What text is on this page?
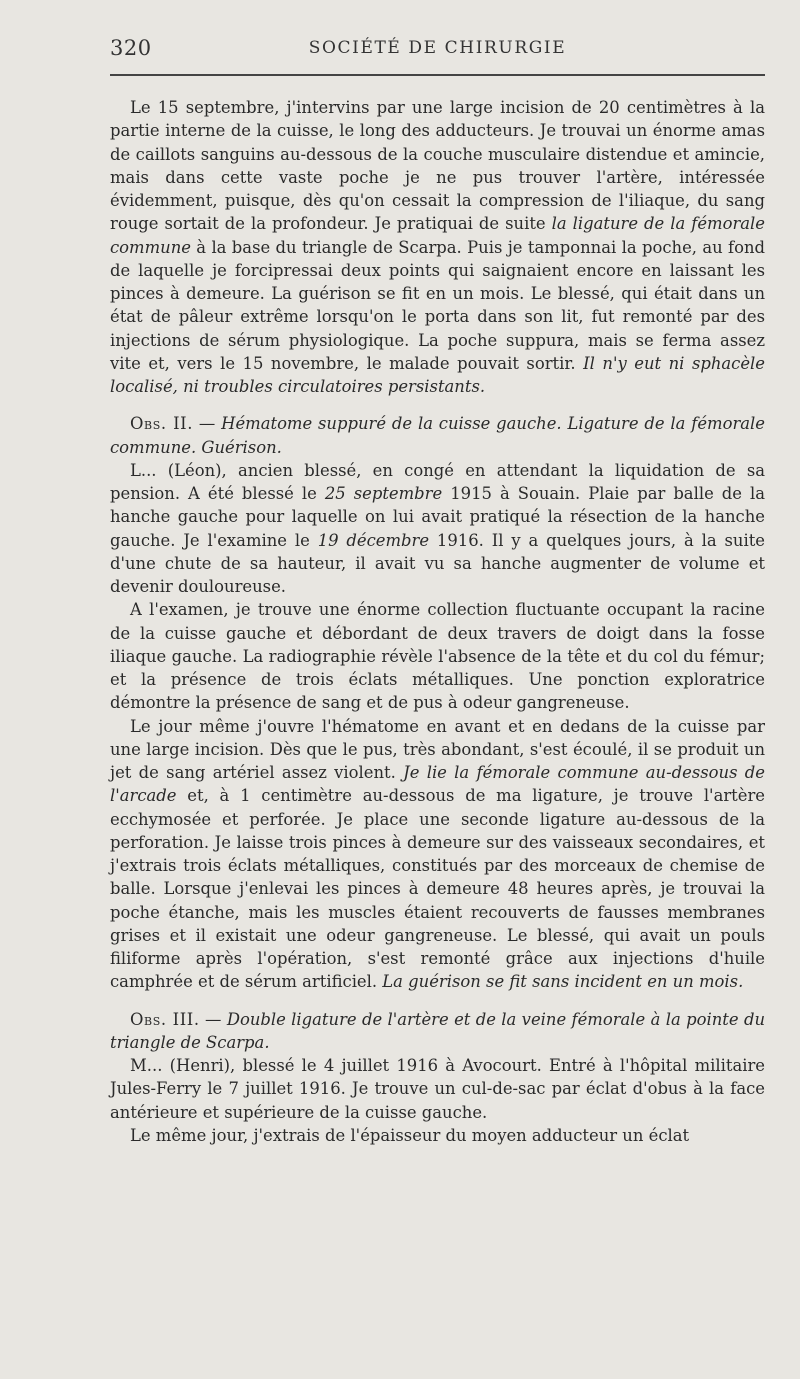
320	SOCIÉTÉ DE CHIRURGIE

Le 15 septembre, j'intervins par une large incision de 20 centimètres à la partie interne de la cuisse, le long des adducteurs. Je trouvai un énorme amas de caillots sanguins au-dessous de la couche musculaire distendue et amincie, mais dans cette vaste poche je ne pus trouver l'artère, intéressée évidemment, puisque, dès qu'on cessait la compression de l'iliaque, du sang rouge sortait de la profondeur. Je pratiquai de suite la ligature de la fémorale commune à la base du triangle de Scarpa. Puis je tamponnai la poche, au fond de laquelle je forcipressai deux points qui saignaient encore en laissant les pinces à demeure. La guérison se fit en un mois. Le blessé, qui était dans un état de pâleur extrême lorsqu'on le porta dans son lit, fut remonté par des injections de sérum physiologique. La poche suppura, mais se ferma assez vite et, vers le 15 novembre, le malade pouvait sortir. Il n'y eut ni sphacèle localisé, ni troubles circulatoires persistants.

Obs. II. — Hématome suppuré de la cuisse gauche. Ligature de la fémorale commune. Guérison.

L... (Léon), ancien blessé, en congé en attendant la liquidation de sa pension. A été blessé le 25 septembre 1915 à Souain. Plaie par balle de la hanche gauche pour laquelle on lui avait pratiqué la résection de la hanche gauche. Je l'examine le 19 décembre 1916. Il y a quelques jours, à la suite d'une chute de sa hauteur, il avait vu sa hanche augmenter de volume et devenir douloureuse.

A l'examen, je trouve une énorme collection fluctuante occupant la racine de la cuisse gauche et débordant de deux travers de doigt dans la fosse iliaque gauche. La radiographie révèle l'absence de la tête et du col du fémur; et la présence de trois éclats métalliques. Une ponction exploratrice démontre la présence de sang et de pus à odeur gangreneuse.

Le jour même j'ouvre l'hématome en avant et en dedans de la cuisse par une large incision. Dès que le pus, très abondant, s'est écoulé, il se produit un jet de sang artériel assez violent. Je lie la fémorale commune au-dessous de l'arcade et, à 1 centimètre au-dessous de ma ligature, je trouve l'artère ecchymosée et perforée. Je place une seconde ligature au-dessous de la perforation. Je laisse trois pinces à demeure sur des vaisseaux secondaires, et j'extrais trois éclats métalliques, constitués par des morceaux de chemise de balle. Lorsque j'enlevai les pinces à demeure 48 heures après, je trouvai la poche étanche, mais les muscles étaient recouverts de fausses membranes grises et il existait une odeur gangreneuse. Le blessé, qui avait un pouls filiforme après l'opération, s'est remonté grâce aux injections d'huile camphrée et de sérum artificiel. La guérison se fit sans incident en un mois.

Obs. III. — Double ligature de l'artère et de la veine fémorale à la pointe du triangle de Scarpa.

M... (Henri), blessé le 4 juillet 1916 à Avocourt. Entré à l'hôpital militaire Jules-Ferry le 7 juillet 1916. Je trouve un cul-de-sac par éclat d'obus à la face antérieure et supérieure de la cuisse gauche.

Le même jour, j'extrais de l'épaisseur du moyen adducteur un éclat
